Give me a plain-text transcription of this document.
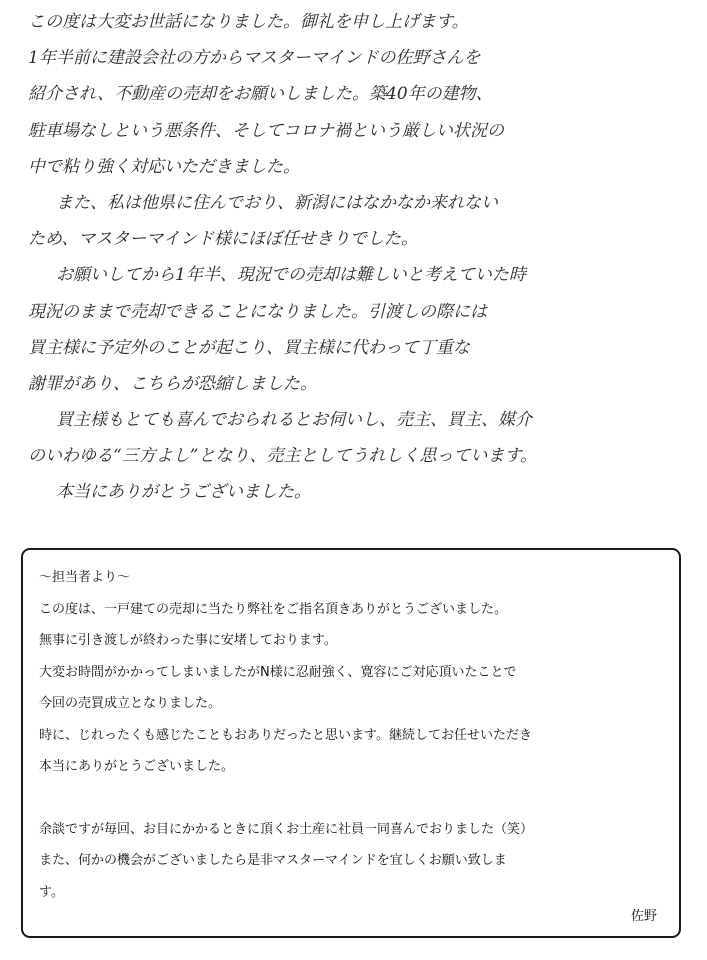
この度は大変お世話になりました。御礼を申し上げます。
1年半前に建設会社の方からマスターマインドの佐野さんを
紹介され、不動産の売却をお願いしました。築40年の建物、
駐車場なしという悪条件、そしてコロナ禍という厳しい状況の
中で粘り強く対応いただきました。
また、私は他県に住んでおり、新潟にはなかなか来れない
ため、マスターマインド様にほぼ任せきりでした。
お願いしてから1年半、現況での売却は難しいと考えていた時
現況のままで売却できることになりました。引渡しの際には
買主様に予定外のことが起こり、買主様に代わって丁重な
謝罪があり、こちらが恐縮しました。
買主様もとても喜んでおられるとお伺いし、売主、買主、媒介
のいわゆる“三方よし”となり、売主としてうれしく思っています。
本当にありがとうございました。
～担当者より～
この度は、一戸建ての売却に当たり弊社をご指名頂きありがとうございました。
無事に引き渡しが終わった事に安堵しております。
大変お時間がかかってしまいましたがN様に忍耐強く、寛容にご対応頂いたことで
今回の売買成立となりました。
時に、じれったくも感じたこともおありだったと思います。継続してお任せいただき
本当にありがとうございました。
余談ですが毎回、お目にかかるときに頂くお土産に社員一同喜んでおりました（笑）
また、何かの機会がございましたら是非マスターマインドを宜しくお願い致しま
す。
佐野
